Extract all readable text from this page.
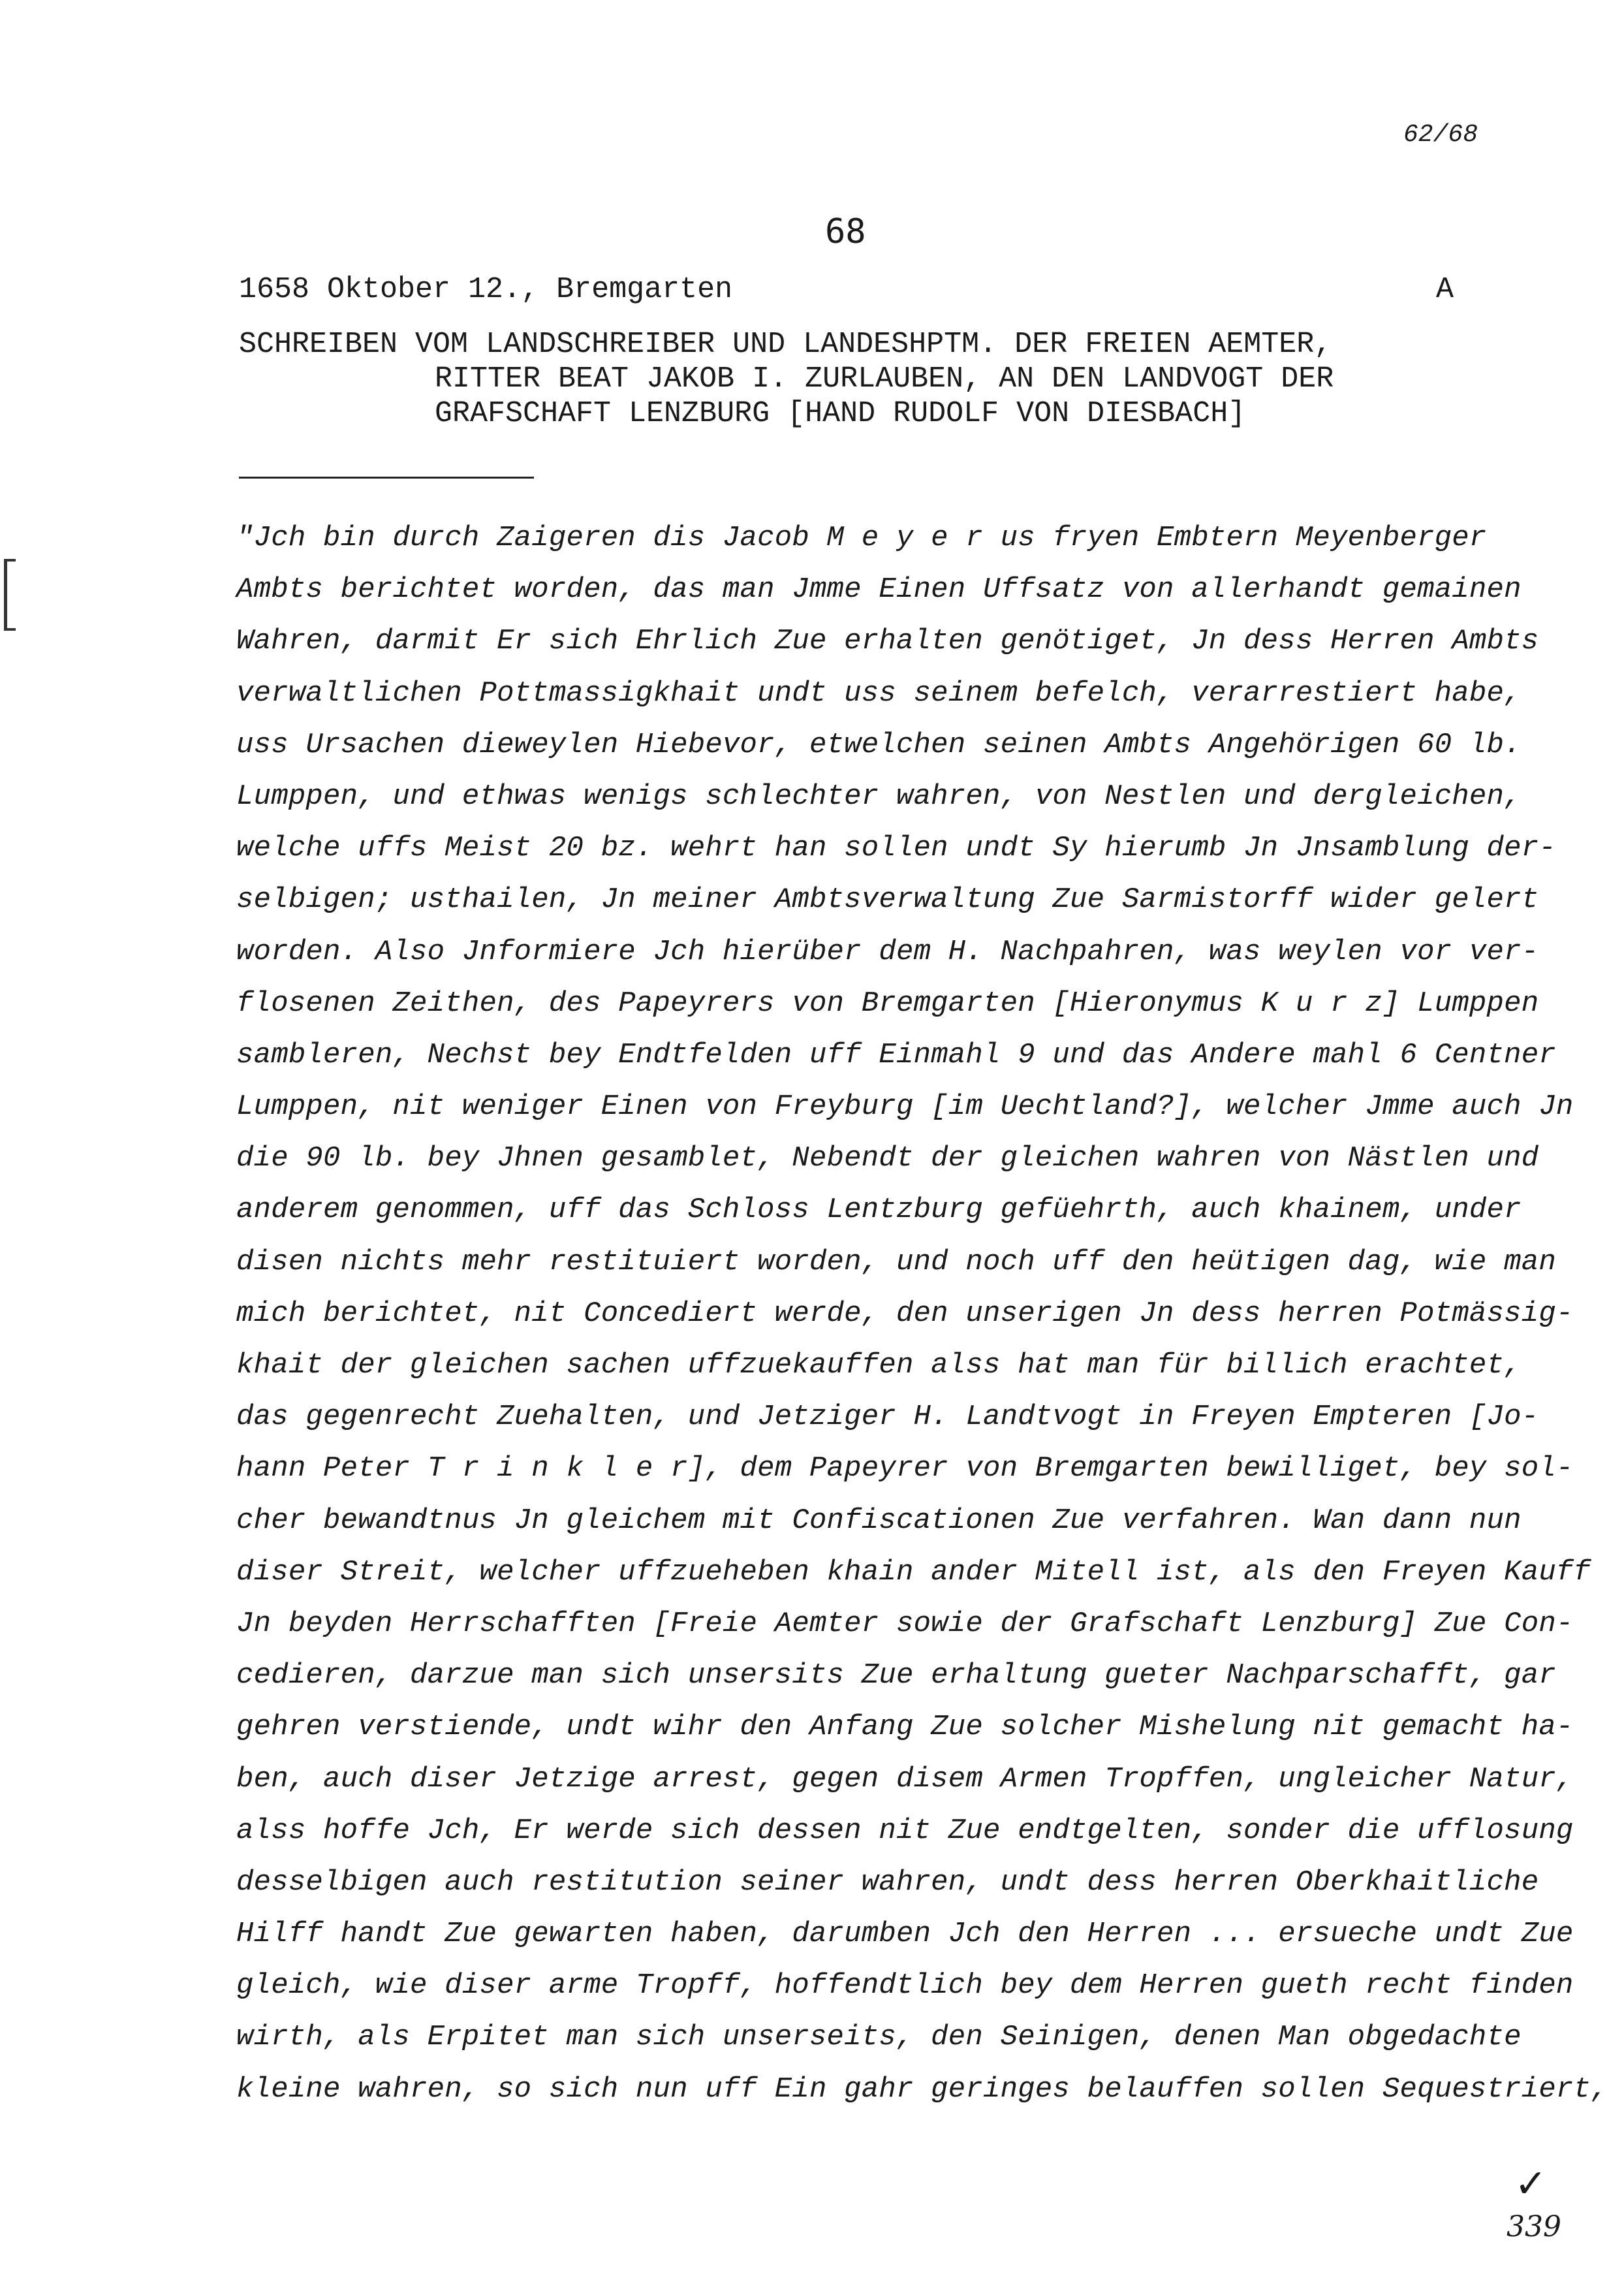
62/68
68
1658 Oktober 12., Bremgarten	A
SCHREIBEN VOM LANDSCHREIBER UND LANDESHPTM. DER FREIEN AEMTER,
RITTER BEAT JAKOB I. ZURLAUBEN, AN DEN LANDVOGT DER
GRAFSCHAFT LENZBURG [HAND RUDOLF VON DIESBACH]
"Jch bin durch Zaigeren dis Jacob M e y e r us fryen Embtern Meyenberger
Ambts berichtet worden, das man Jmme Einen Uffsatz von allerhandt gemainen
Wahren, darmit Er sich Ehrlich Zue erhalten genötiget, Jn dess Herren Ambts
verwaltlichen Pottmassigkhait undt uss seinem befelch, verarrestiert habe,
uss Ursachen dieweylen Hiebevor, etwelchen seinen Ambts Angehörigen 60 lb.
Lumppen, und ethwas wenigs schlechter wahren, von Nestlen und dergleichen,
welche uffs Meist 20 bz. wehrt han sollen undt Sy hierumb Jn Jnsamblung der-
selbigen; usthailen, Jn meiner Ambtsverwaltung Zue Sarmistorff wider gelert
worden. Also Jnformiere Jch hierüber dem H. Nachpahren, was weylen vor ver-
flosenen Zeithen, des Papeyrers von Bremgarten [Hieronymus K u r z] Lumppen
sambleren, Nechst bey Endtfelden uff Einmahl 9 und das Andere mahl 6 Centner
Lumppen, nit weniger Einen von Freyburg [im Uechtland?], welcher Jmme auch Jn
die 90 lb. bey Jhnen gesamblet, Nebendt der gleichen wahren von Nästlen und
anderem genommen, uff das Schloss Lentzburg gefüehrth, auch khainem, under
disen nichts mehr restituiert worden, und noch uff den heütigen dag, wie man
mich berichtet, nit Concediert werde, den unserigen Jn dess herren Potmässig-
khait der gleichen sachen uffzuekauffen alss hat man für billich erachtet,
das gegenrecht Zuehalten, und Jetziger H. Landtvogt in Freyen Empteren [Jo-
hann Peter T r i n k l e r], dem Papeyrer von Bremgarten bewilliget, bey sol-
cher bewandtnus Jn gleichem mit Confiscationen Zue verfahren. Wan dann nun
diser Streit, welcher uffzueheben khain ander Mitell ist, als den Freyen Kauff
Jn beyden Herrschafften [Freie Aemter sowie der Grafschaft Lenzburg] Zue Con-
cedieren, darzue man sich unsersits Zue erhaltung gueter Nachparschafft, gar
gehren verstiende, undt wihr den Anfang Zue solcher Mishelung nit gemacht ha-
ben, auch diser Jetzige arrest, gegen disem Armen Tropffen, ungleicher Natur,
alss hoffe Jch, Er werde sich dessen nit Zue endtgelten, sonder die ufflosung
desselbigen auch restitution seiner wahren, undt dess herren Oberkhaitliche
Hilff handt Zue gewarten haben, darumben Jch den Herren ... ersueche undt Zue
gleich, wie diser arme Tropff, hoffendtlich bey dem Herren gueth recht finden
wirth, als Erpitet man sich unserseits, den Seinigen, denen Man obgedachte
kleine wahren, so sich nun uff Ein gahr geringes belauffen sollen Sequestriert,
✓
339
